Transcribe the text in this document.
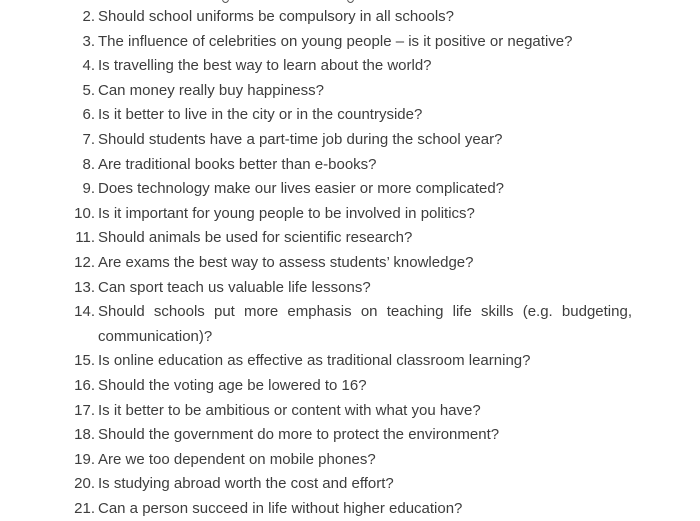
2. Should school uniforms be compulsory in all schools?
3. The influence of celebrities on young people – is it positive or negative?
4. Is travelling the best way to learn about the world?
5. Can money really buy happiness?
6. Is it better to live in the city or in the countryside?
7. Should students have a part-time job during the school year?
8. Are traditional books better than e-books?
9. Does technology make our lives easier or more complicated?
10. Is it important for young people to be involved in politics?
11. Should animals be used for scientific research?
12. Are exams the best way to assess students’ knowledge?
13. Can sport teach us valuable life lessons?
14. Should schools put more emphasis on teaching life skills (e.g. budgeting, communication)?
15. Is online education as effective as traditional classroom learning?
16. Should the voting age be lowered to 16?
17. Is it better to be ambitious or content with what you have?
18. Should the government do more to protect the environment?
19. Are we too dependent on mobile phones?
20. Is studying abroad worth the cost and effort?
21. Can a person succeed in life without higher education?
